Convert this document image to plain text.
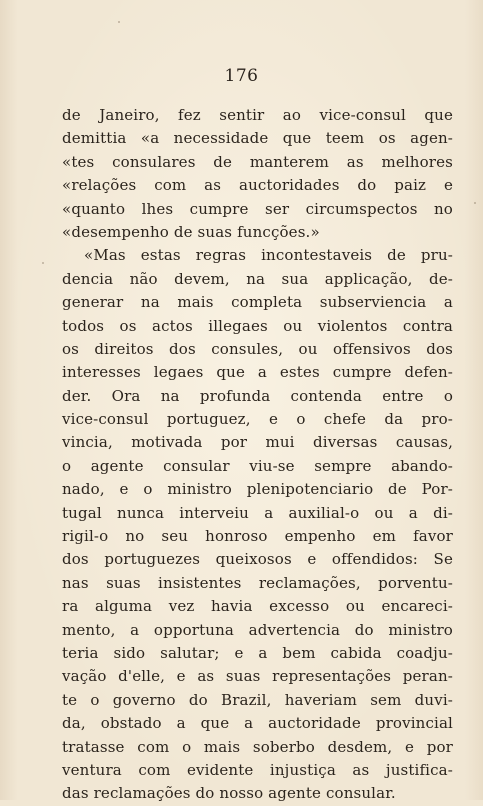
176
de Janeiro, fez sentir ao vice-consul que
demittia «a necessidade que teem os agen-
«tes consulares de manterem as melhores
«relações com as auctoridades do paiz e
«quanto lhes cumpre ser circumspectos no
«desempenho de suas funcções.»
«Mas estas regras incontestaveis de pru-
dencia não devem, na sua applicação, de-
generar na mais completa subserviencia a
todos os actos illegaes ou violentos contra
os direitos dos consules, ou offensivos dos
interesses legaes que a estes cumpre defen-
der. Ora na profunda contenda entre o
vice-consul portuguez, e o chefe da pro-
vincia, motivada por mui diversas causas,
o agente consular viu-se sempre abando-
nado, e o ministro plenipotenciario de Por-
tugal nunca interveiu a auxilial-o ou a di-
rigil-o no seu honroso empenho em favor
dos portuguezes queixosos e offendidos: Se
nas suas insistentes reclamações, porventu-
ra alguma vez havia excesso ou encareci-
mento, a opportuna advertencia do ministro
teria sido salutar; e a bem cabida coadju-
vação d'elle, e as suas representações peran-
te o governo do Brazil, haveriam sem duvi-
da, obstado a que a auctoridade provincial
tratasse com o mais soberbo desdem, e por
ventura com evidente injustiça as justifica-
das reclamações do nosso agente consular.
